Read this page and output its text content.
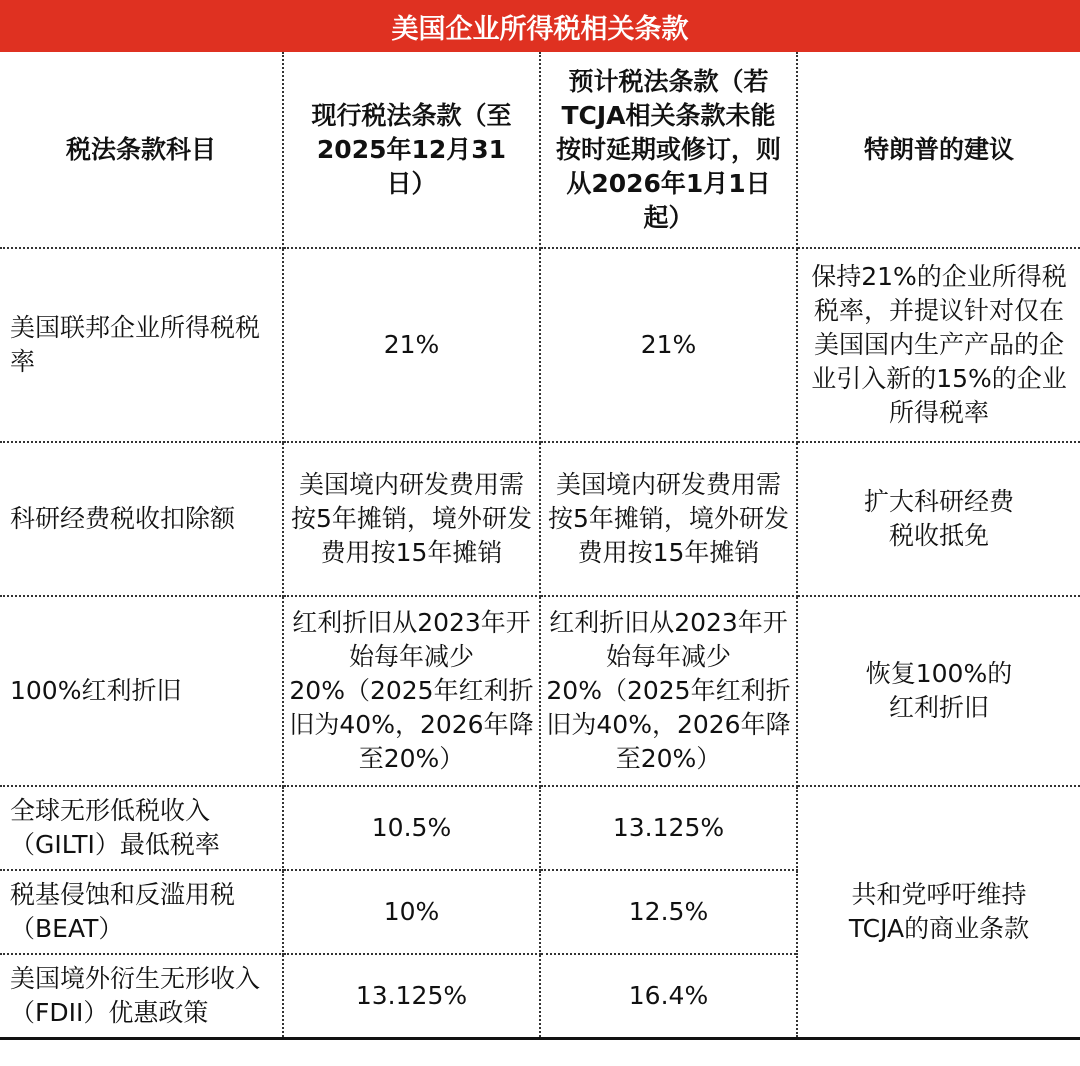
美国企业所得税相关条款
税法条款科目	现行税法条款（至2025年12月31日）	预计税法条款（若TCJA相关条款未能按时延期或修订，则从2026年1月1日起）	特朗普的建议
美国联邦企业所得税税率	21%	21%	保持21%的企业所得税税率，并提议针对仅在美国国内生产产品的企业引入新的15%的企业所得税率
科研经费税收扣除额	美国境内研发费用需按5年摊销，境外研发费用按15年摊销	美国境内研发费用需按5年摊销，境外研发费用按15年摊销	扩大科研经费税收抵免
100%红利折旧	红利折旧从2023年开始每年减少20%（2025年红利折旧为40%，2026年降至20%）	红利折旧从2023年开始每年减少20%（2025年红利折旧为40%，2026年降至20%）	恢复100%的红利折旧
全球无形低税收入（GILTI）最低税率	10.5%	13.125%	共和党呼吁维持TCJA的商业条款
税基侵蚀和反滥用税（BEAT）	10%	12.5%	
美国境外衍生无形收入（FDII）优惠政策	13.125%	16.4%	
